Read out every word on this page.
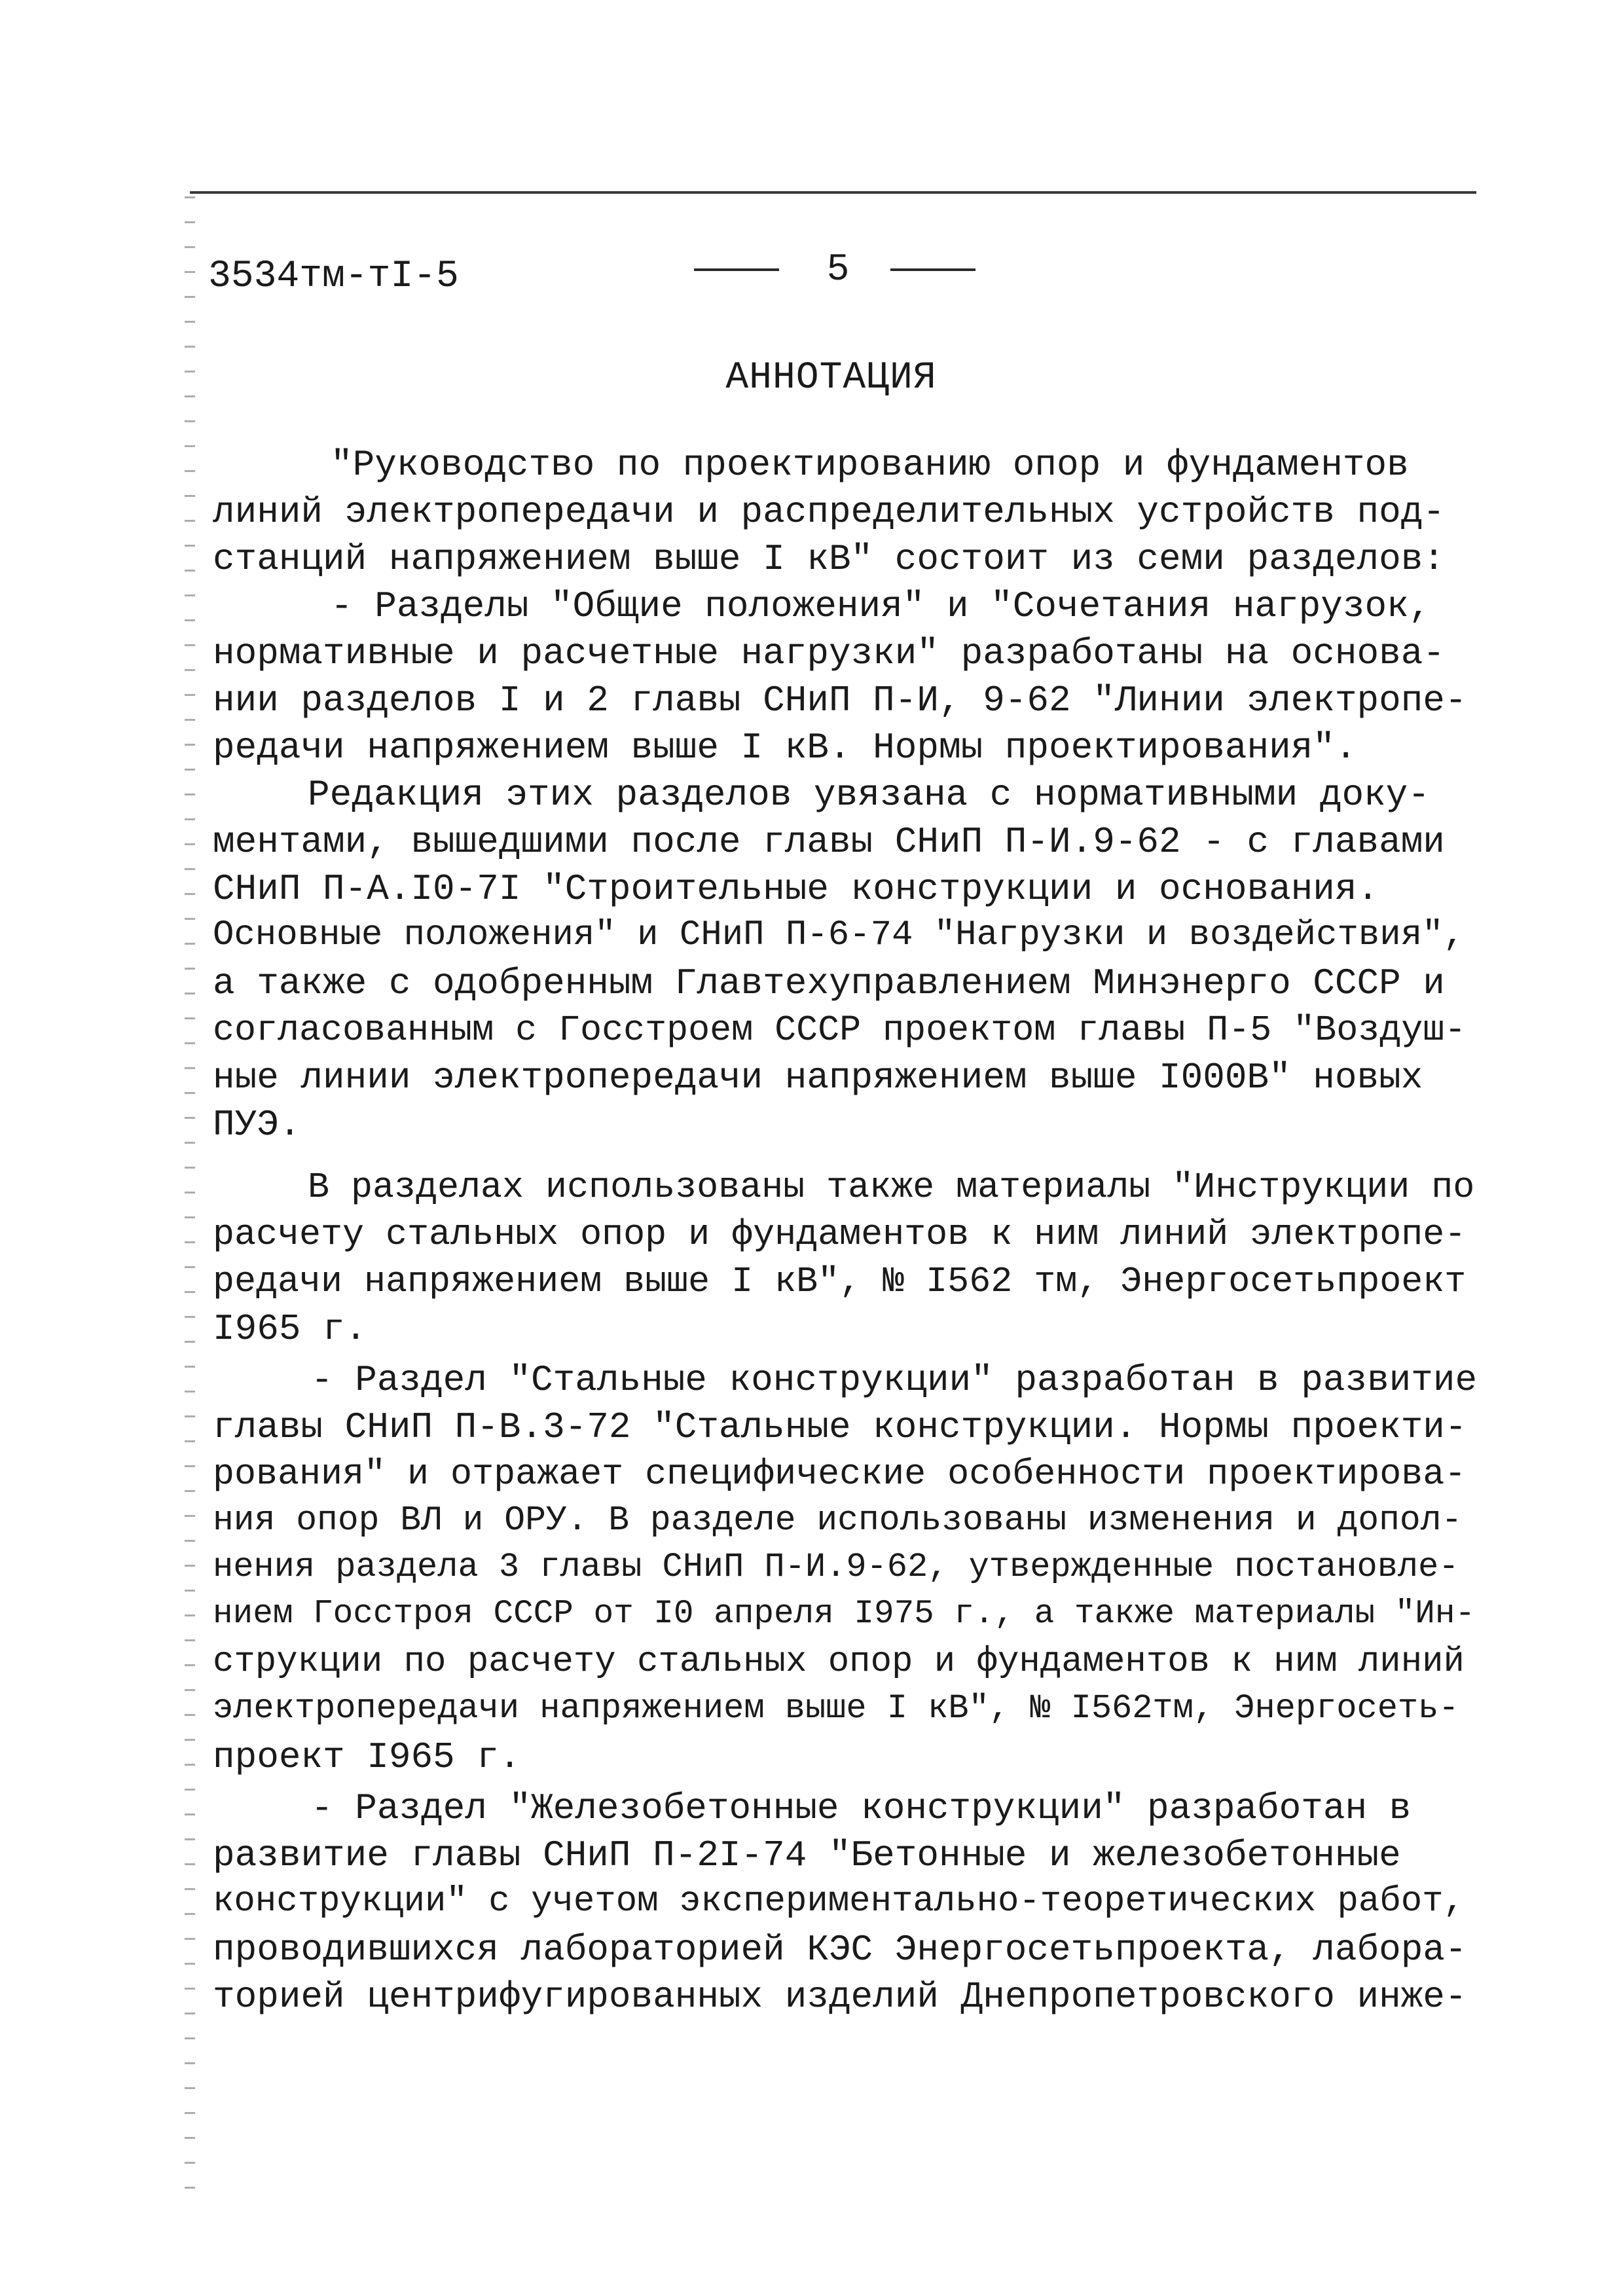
3534тм-тI-5	5
АННОТАЦИЯ
"Руководство по проектированию опор и фундаментов
линий электропередачи и распределительных устройств под-
станций напряжением выше I кВ" состоит из семи разделов:
- Разделы "Общие положения" и "Сочетания нагрузок,
нормативные и расчетные нагрузки" разработаны на основа-
нии разделов I и 2 главы СНиП П-И, 9-62 "Линии электропе-
редачи напряжением выше I кВ. Нормы проектирования".
Редакция этих разделов увязана с нормативными доку-
ментами, вышедшими после главы СНиП П-И.9-62 - с главами
СНиП П-А.I0-7I "Строительные конструкции и основания.
Основные положения" и СНиП П-6-74 "Нагрузки и воздействия",
а также с одобренным Главтехуправлением Минэнерго СССР и
согласованным с Госстроем СССР проектом главы П-5 "Воздуш-
ные линии электропередачи напряжением выше I000В" новых
ПУЭ.
В разделах использованы также материалы "Инструкции по
расчету стальных опор и фундаментов к ним линий электропе-
редачи напряжением выше I кВ", № I562 тм, Энергосетьпроект
I965 г.
- Раздел "Стальные конструкции" разработан в развитие
главы СНиП П-В.3-72 "Стальные конструкции. Нормы проекти-
рования" и отражает специфические особенности проектирова-
ния опор ВЛ и ОРУ. В разделе использованы изменения и допол-
нения раздела 3 главы СНиП П-И.9-62, утвержденные постановле-
нием Госстроя СССР от I0 апреля I975 г., а также материалы "Ин-
струкции по расчету стальных опор и фундаментов к ним линий
электропередачи напряжением выше I кВ", № I562тм, Энергосеть-
проект I965 г.
- Раздел "Железобетонные конструкции" разработан в
развитие главы СНиП П-2I-74 "Бетонные и железобетонные
конструкции" с учетом экспериментально-теоретических работ,
проводившихся лабораторией КЭС Энергосетьпроекта, лабора-
торией центрифугированных изделий Днепропетровского инже-
